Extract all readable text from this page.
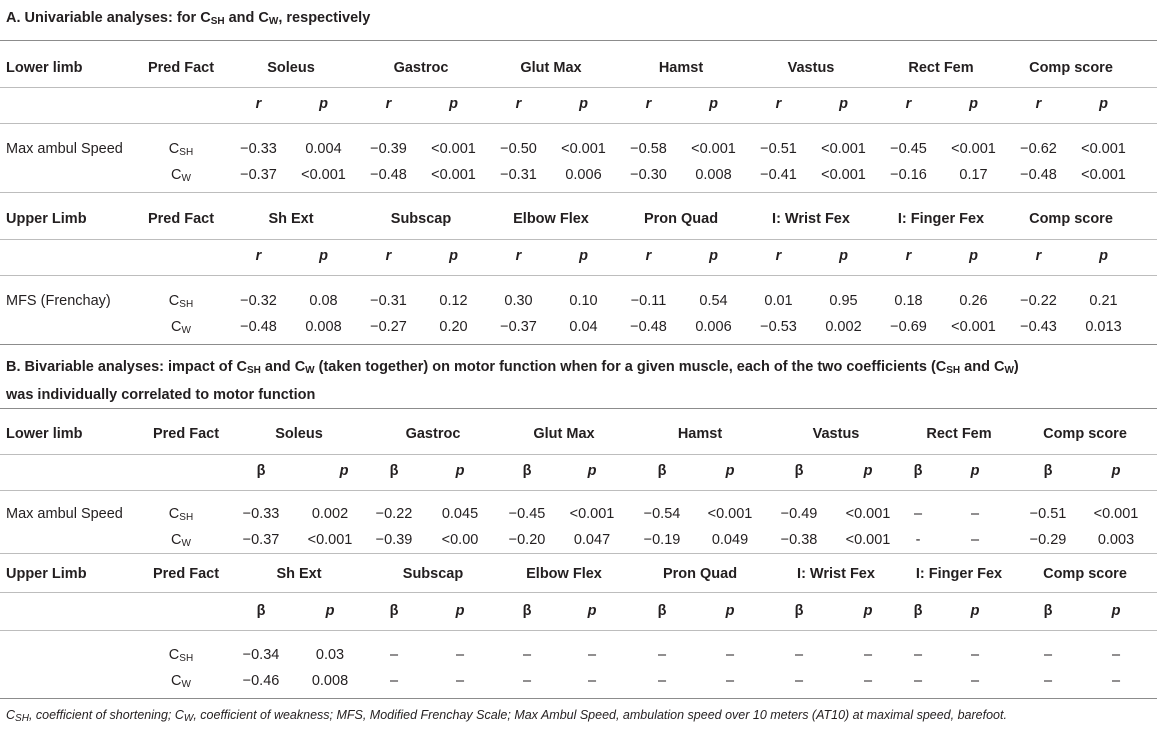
A. Univariable analyses: for $C_{SH}$ and $C_W$, respectively
Lower limb	Pred Fact	Soleus	Gastroc	Glut Max	Hamst	Vastus	Rect Fem	Comp score
r	p	r	p	r	p	r	p	r	p	r	p	r	p
Max ambul Speed	$C_{SH}$	−0.33	0.004	−0.39	<0.001	−0.50	<0.001	−0.58	<0.001	−0.51	<0.001	−0.45	<0.001	−0.62	<0.001
$C_W$	−0.37	<0.001	−0.48	<0.001	−0.31	0.006	−0.30	0.008	−0.41	<0.001	−0.16	0.17	−0.48	<0.001
Upper Limb	Pred Fact	Sh Ext	Subscap	Elbow Flex	Pron Quad	I: Wrist Fex	I: Finger Fex	Comp score
r	p	r	p	r	p	r	p	r	p	r	p	r	p
MFS (Frenchay)	$C_{SH}$	−0.32	0.08	−0.31	0.12	0.30	0.10	−0.11	0.54	0.01	0.95	0.18	0.26	−0.22	0.21
$C_W$	−0.48	0.008	−0.27	0.20	−0.37	0.04	−0.48	0.006	−0.53	0.002	−0.69	<0.001	−0.43	0.013
B. Bivariable analyses: impact of $C_{SH}$ and $C_W$ (taken together) on motor function when for a given muscle, each of the two coefficients ($C_{SH}$ and $C_W$)
was individually correlated to motor function
Lower limb	Pred Fact	Soleus	Gastroc	Glut Max	Hamst	Vastus	Rect Fem	Comp score
β	p	β	p	β	p	β	p	β	p	β	p	β	p
Max ambul Speed	$C_{SH}$	−0.33	0.002	−0.22	0.045	−0.45	<0.001	−0.54	<0.001	−0.49	<0.001	–	–	−0.51	<0.001
$C_W$	−0.37	<0.001	−0.39	<0.00	−0.20	0.047	−0.19	0.049	−0.38	<0.001	-	–	−0.29	0.003
Upper Limb	Pred Fact	Sh Ext	Subscap	Elbow Flex	Pron Quad	I: Wrist Fex	I: Finger Fex	Comp score
β	p	β	p	β	p	β	p	β	p	β	p	β	p
$C_{SH}$	−0.34	0.03	–	–	–	–	–	–	–	–	–	–	–	–
$C_W$	−0.46	0.008	–	–	–	–	–	–	–	–	–	–	–	–
$C_{SH}$, coefficient of shortening; $C_W$, coefficient of weakness; MFS, Modified Frenchay Scale; Max Ambul Speed, ambulation speed over 10 meters (AT10) at maximal speed, barefoot.
